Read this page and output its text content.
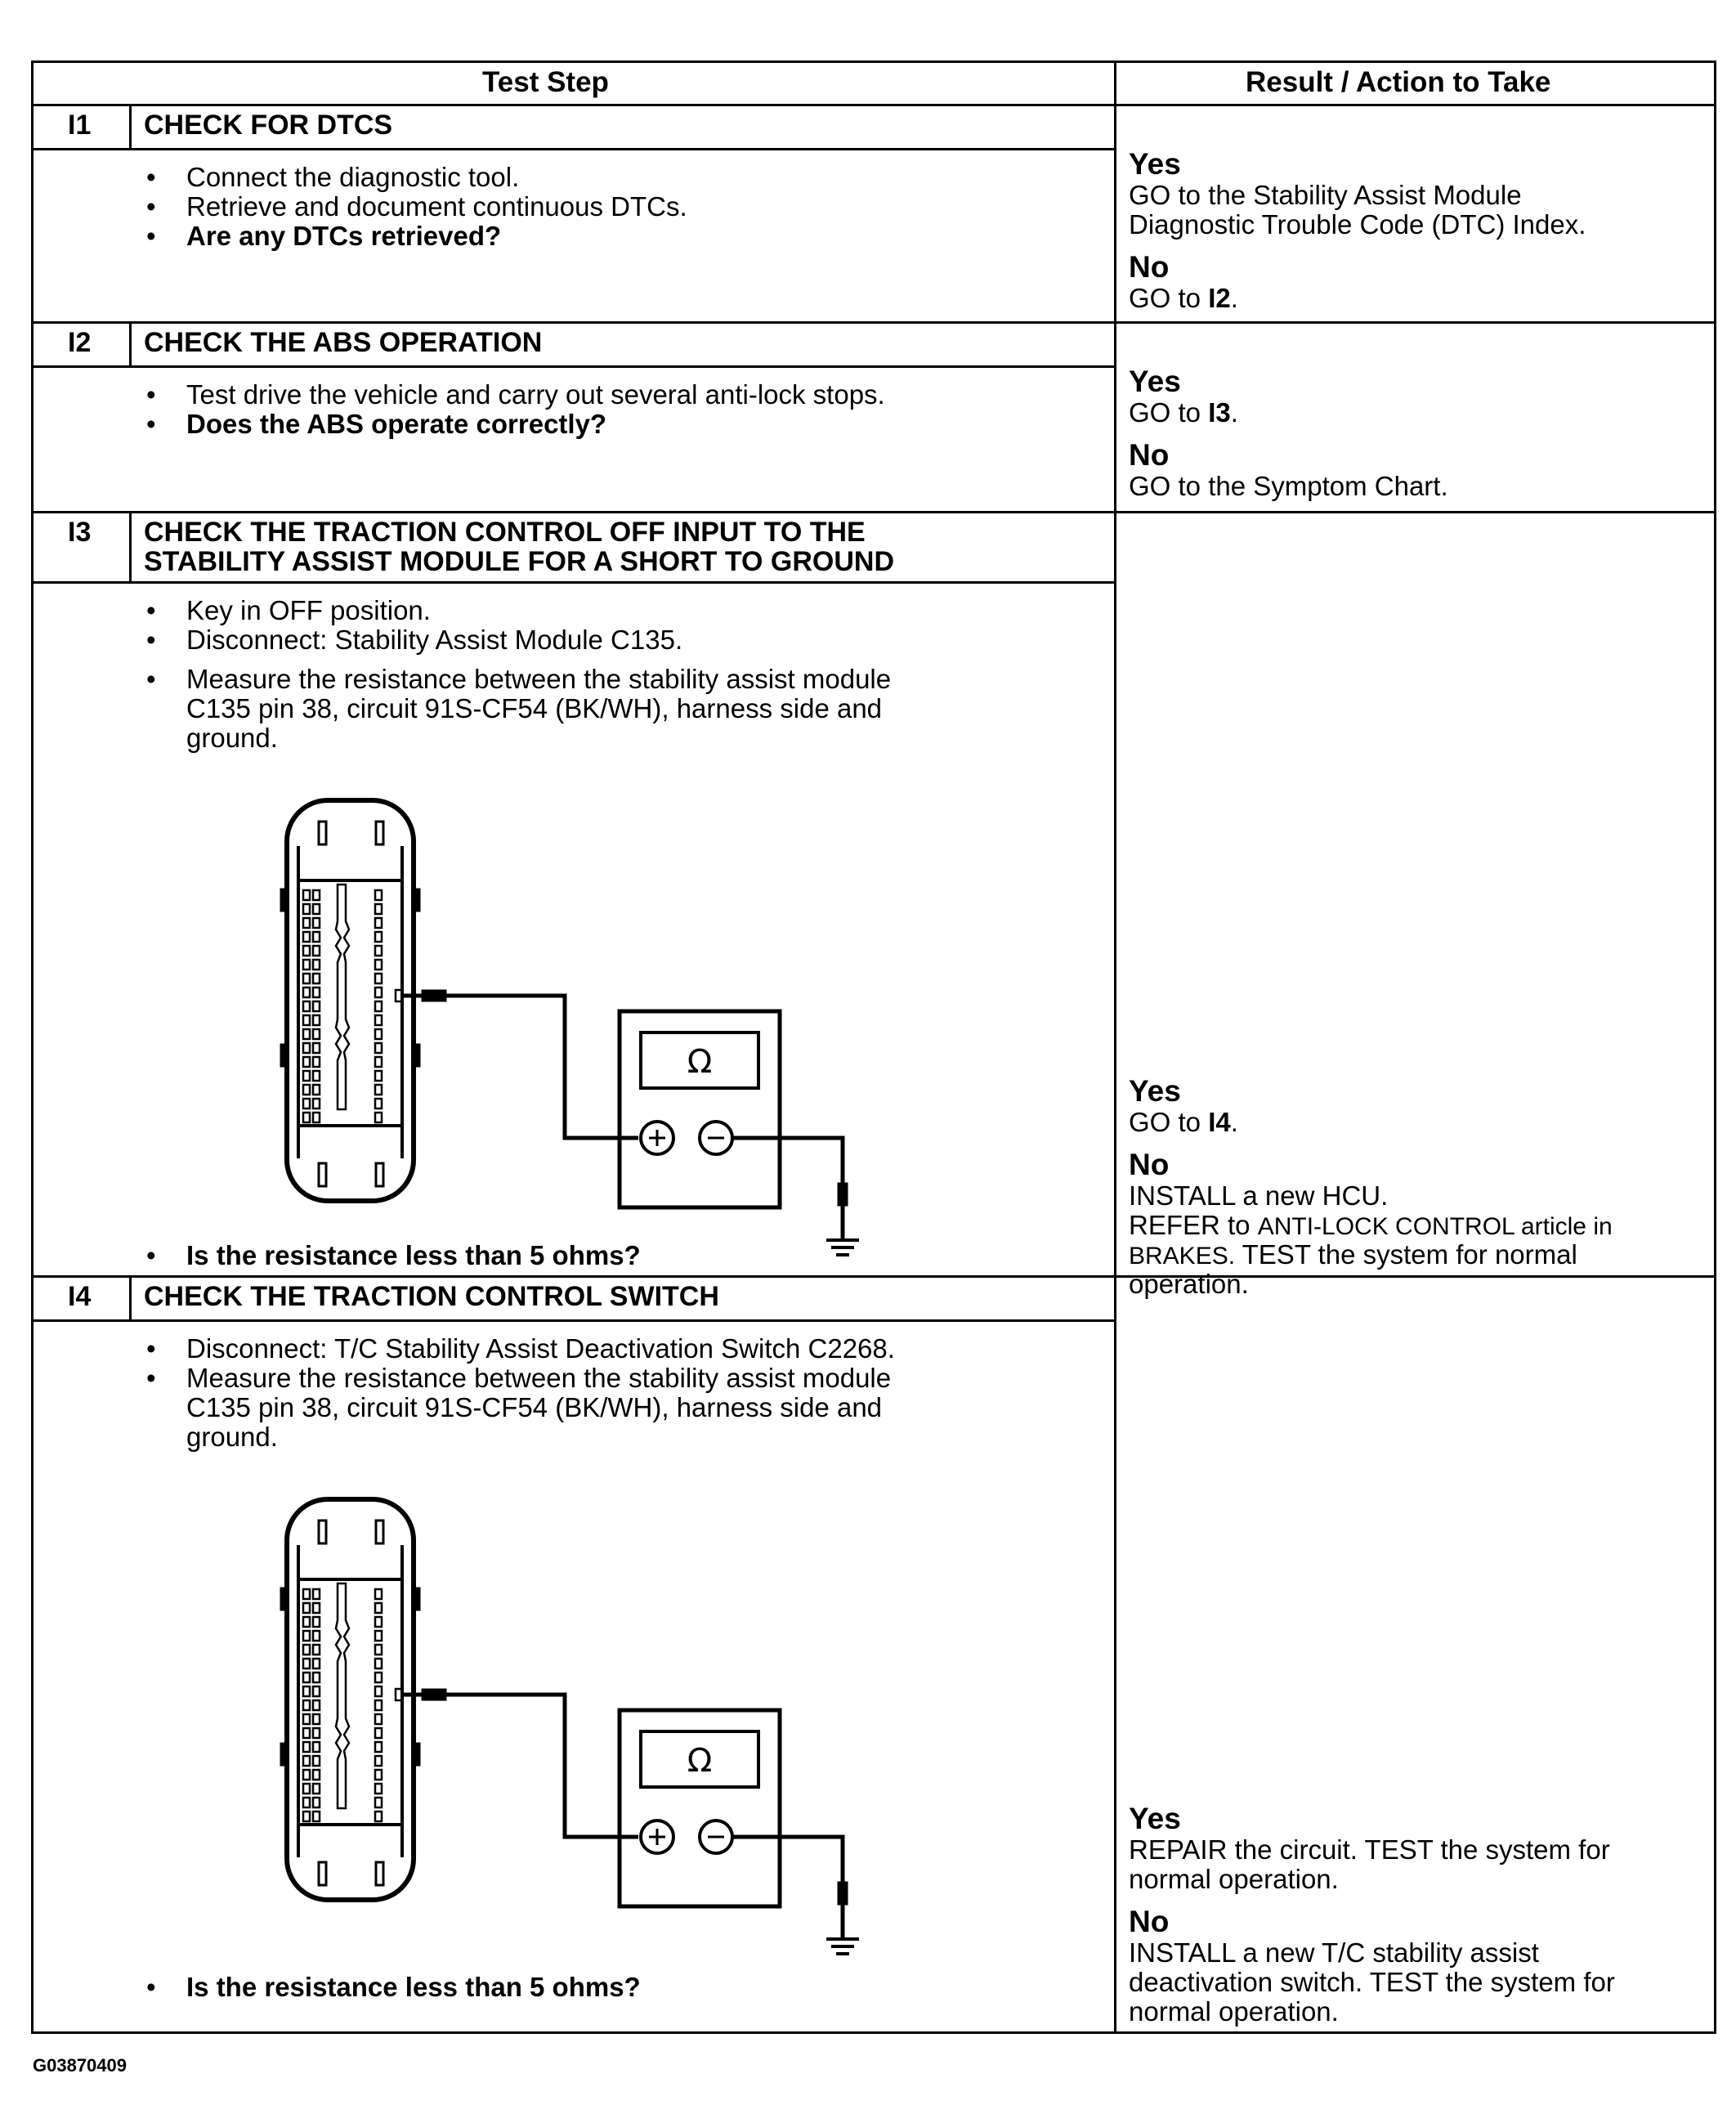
Test Step	Result / Action to Take
I1 CHECK FOR DTCS
• Connect the diagnostic tool.
• Retrieve and document continuous DTCs.
• Are any DTCs retrieved?
Yes
GO to the Stability Assist Module
Diagnostic Trouble Code (DTC) Index.
No
GO to I2.
I2 CHECK THE ABS OPERATION
• Test drive the vehicle and carry out several anti-lock stops.
• Does the ABS operate correctly?
Yes
GO to I3.
No
GO to the Symptom Chart.
I3 CHECK THE TRACTION CONTROL OFF INPUT TO THE
STABILITY ASSIST MODULE FOR A SHORT TO GROUND
• Key in OFF position.
• Disconnect: Stability Assist Module C135.
• Measure the resistance between the stability assist module
C135 pin 38, circuit 91S-CF54 (BK/WH), harness side and
ground.
Ω
• Is the resistance less than 5 ohms?
Yes
GO to I4.
No
INSTALL a new HCU.
REFER to ANTI-LOCK CONTROL article in
BRAKES. TEST the system for normal
operation.
I4 CHECK THE TRACTION CONTROL SWITCH
• Disconnect: T/C Stability Assist Deactivation Switch C2268.
• Measure the resistance between the stability assist module
C135 pin 38, circuit 91S-CF54 (BK/WH), harness side and
ground.
Ω
• Is the resistance less than 5 ohms?
Yes
REPAIR the circuit. TEST the system for
normal operation.
No
INSTALL a new T/C stability assist
deactivation switch. TEST the system for
normal operation.
G03870409
